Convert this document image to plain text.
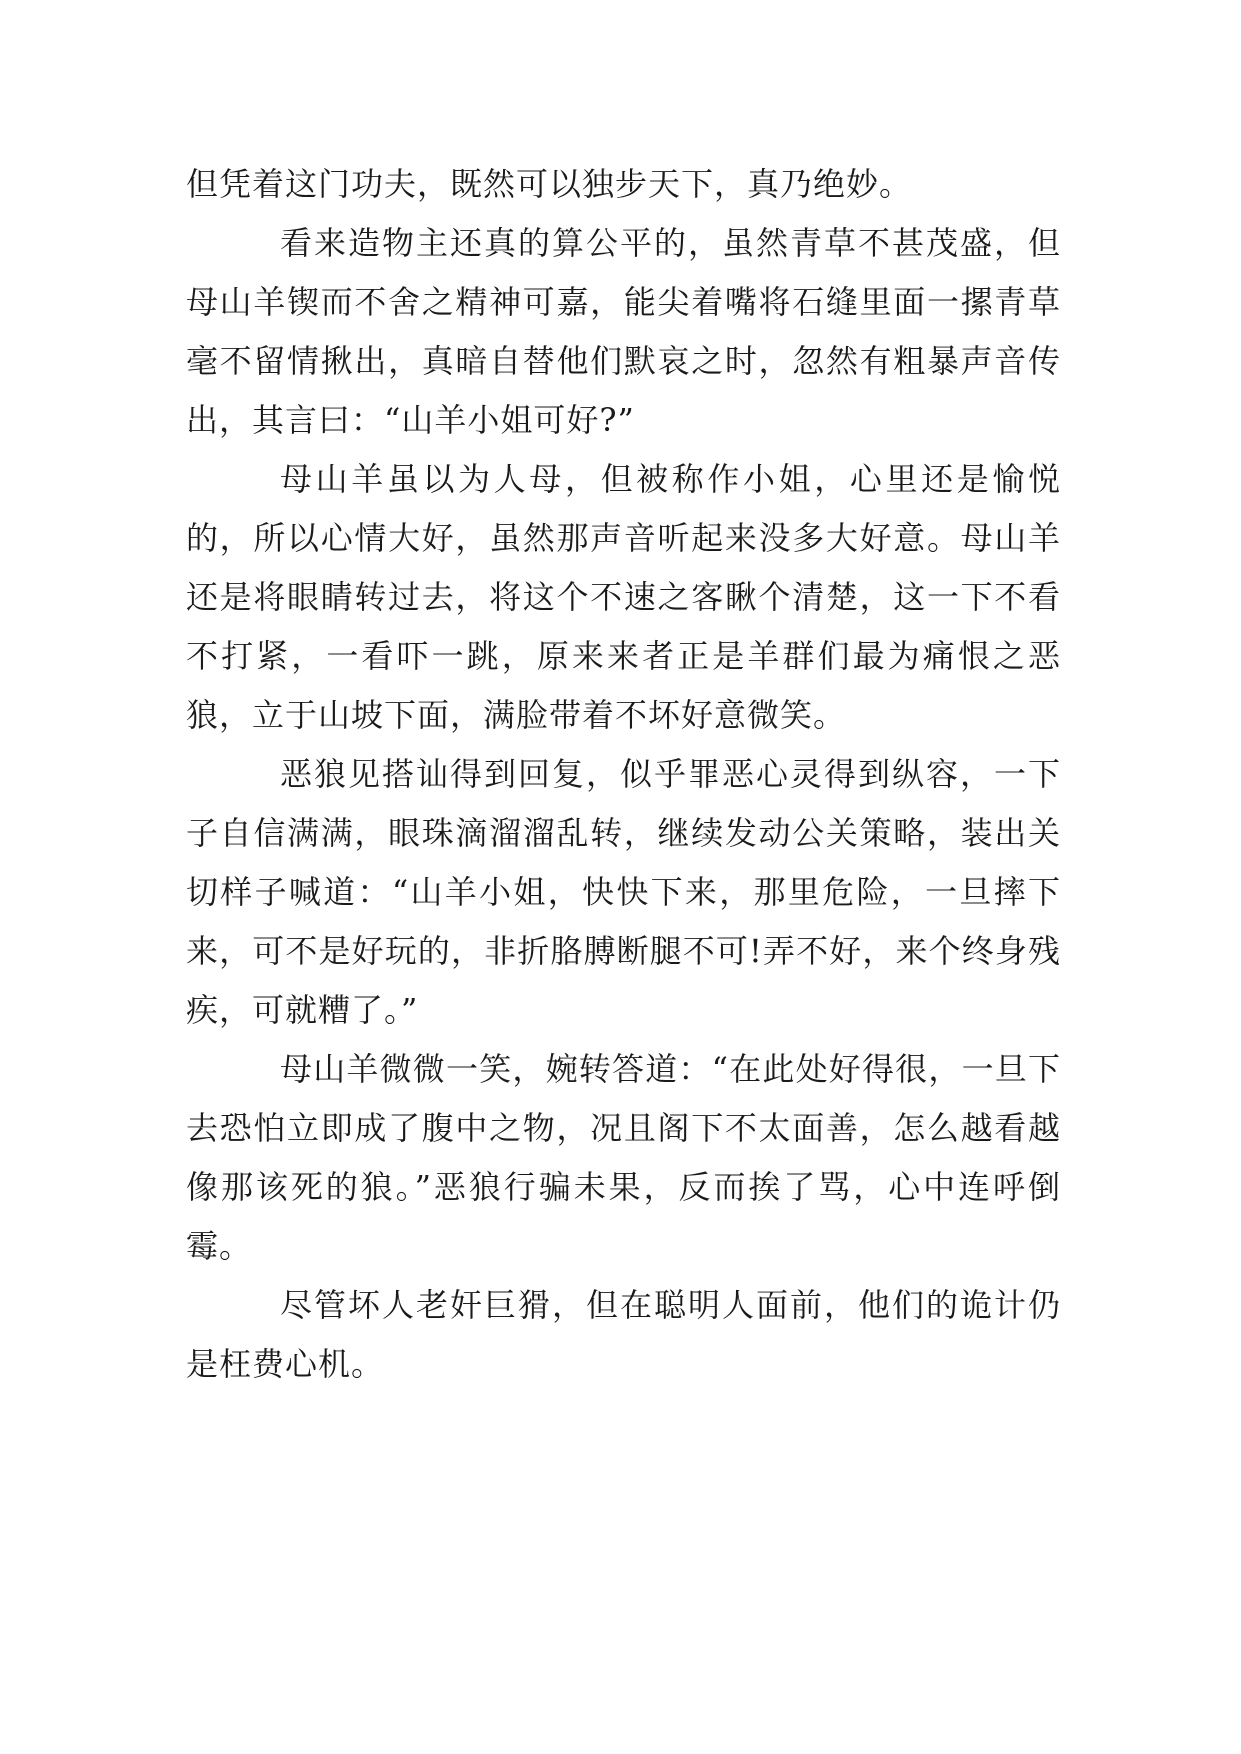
但凭着这门功夫，既然可以独步天下，真乃绝妙。

看来造物主还真的算公平的，虽然青草不甚茂盛，但母山羊锲而不舍之精神可嘉，能尖着嘴将石缝里面一摞青草毫不留情揪出，真暗自替他们默哀之时，忽然有粗暴声音传出，其言曰：“山羊小姐可好?”

母山羊虽以为人母，但被称作小姐，心里还是愉悦的，所以心情大好，虽然那声音听起来没多大好意。母山羊还是将眼睛转过去，将这个不速之客瞅个清楚，这一下不看不打紧，一看吓一跳，原来来者正是羊群们最为痛恨之恶狼，立于山坡下面，满脸带着不坏好意微笑。

恶狼见搭讪得到回复，似乎罪恶心灵得到纵容，一下子自信满满，眼珠滴溜溜乱转，继续发动公关策略，装出关切样子喊道：“山羊小姐，快快下来，那里危险，一旦摔下来，可不是好玩的，非折胳膊断腿不可!弄不好，来个终身残疾，可就糟了。”

母山羊微微一笑，婉转答道：“在此处好得很，一旦下去恐怕立即成了腹中之物，况且阁下不太面善，怎么越看越像那该死的狼。”恶狼行骗未果，反而挨了骂，心中连呼倒霉。

尽管坏人老奸巨猾，但在聪明人面前，他们的诡计仍是枉费心机。
